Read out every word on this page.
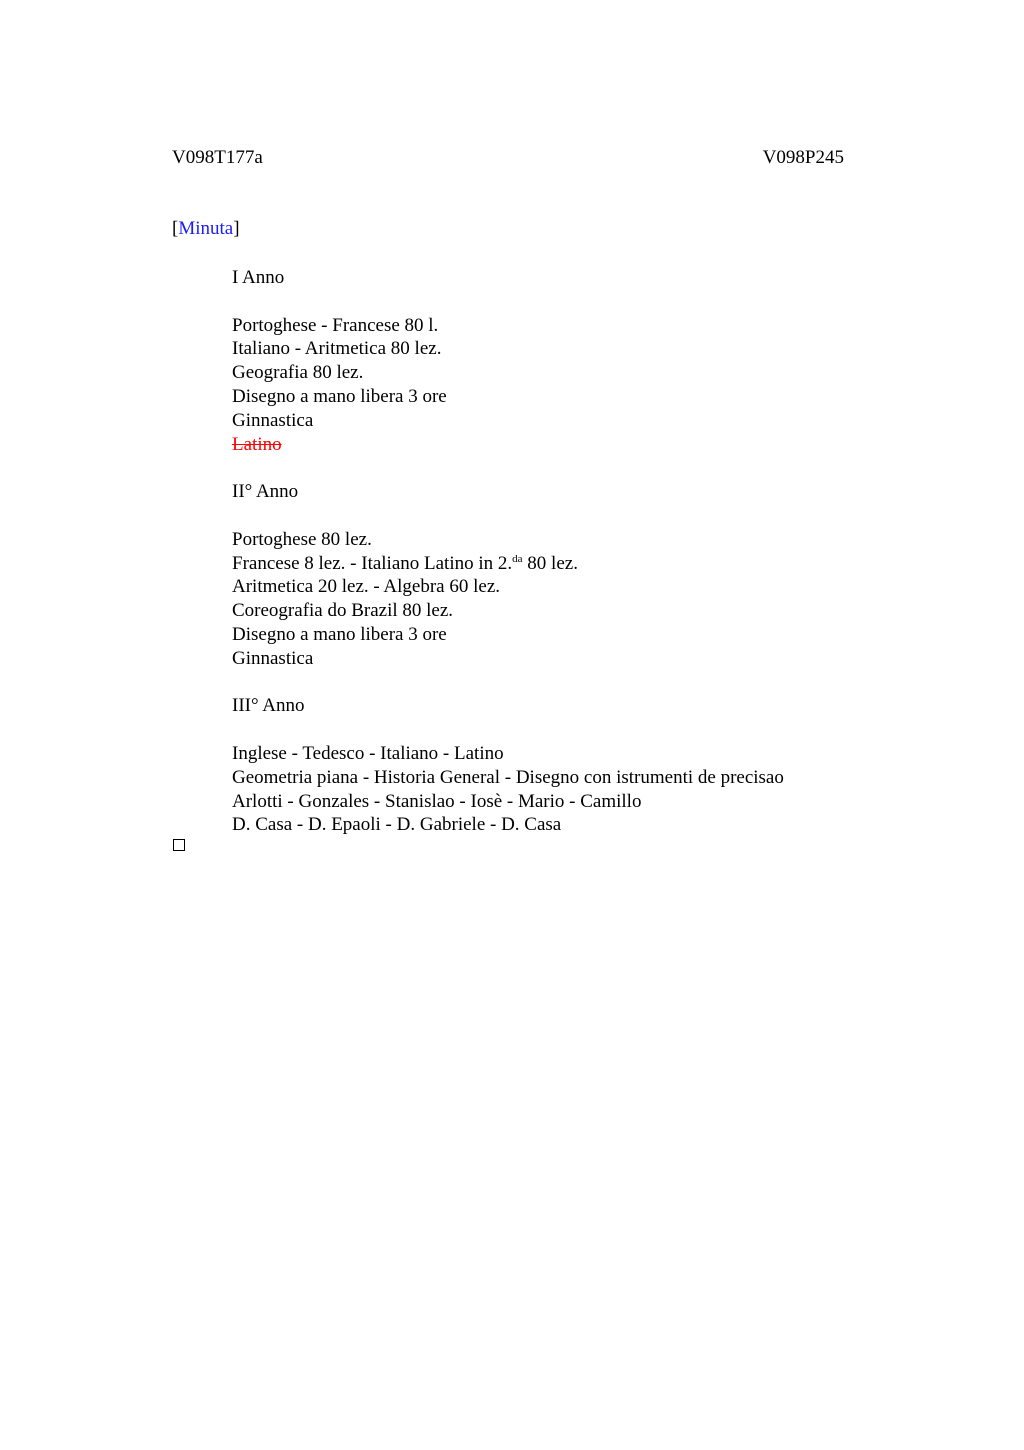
V098T177a	V098P245
[Minuta]
I Anno
Portoghese - Francese 80 l.
Italiano - Aritmetica 80 lez.
Geografia 80 lez.
Disegno a mano libera 3 ore
Ginnastica
Latino
II° Anno
Portoghese 80 lez.
Francese 8 lez. - Italiano Latino in 2.$^{da}$ 80 lez.
Aritmetica 20 lez. - Algebra 60 lez.
Coreografia do Brazil 80 lez.
Disegno a mano libera 3 ore
Ginnastica
III° Anno
Inglese - Tedesco - Italiano - Latino
Geometria piana - Historia General - Disegno con istrumenti de precisao
Arlotti - Gonzales - Stanislao - Iosè - Mario - Camillo
D. Casa - D. Epaoli - D. Gabriele - D. Casa
